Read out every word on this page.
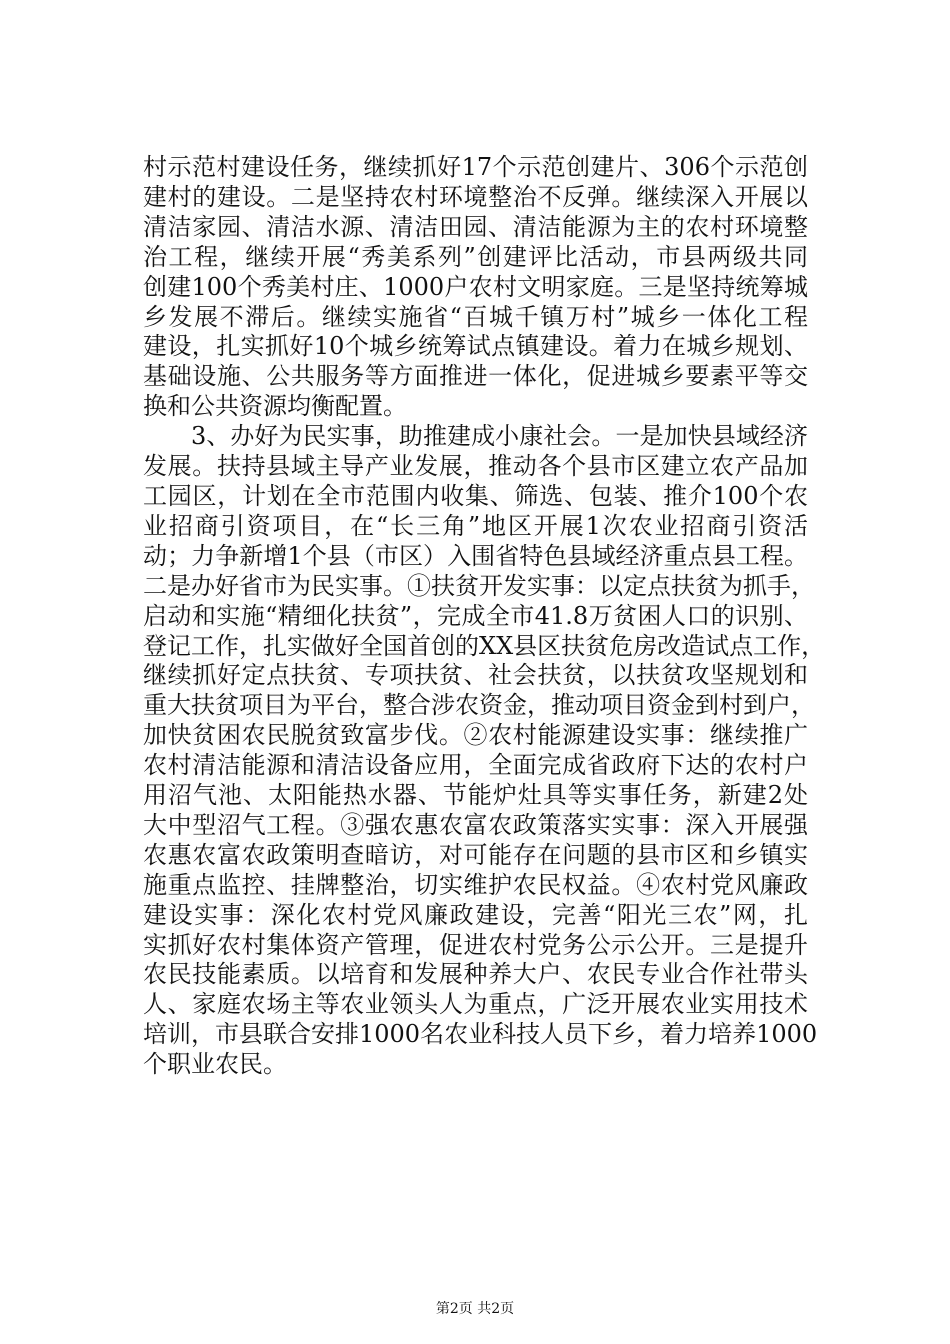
村示范村建设任务，继续抓好17个示范创建片、306个示范创
建村的建设。二是坚持农村环境整治不反弹。继续深入开展以
清洁家园、清洁水源、清洁田园、清洁能源为主的农村环境整
治工程，继续开展“秀美系列”创建评比活动，市县两级共同
创建100个秀美村庄、1000户农村文明家庭。三是坚持统筹城
乡发展不滞后。继续实施省“百城千镇万村”城乡一体化工程
建设，扎实抓好10个城乡统筹试点镇建设。着力在城乡规划、
基础设施、公共服务等方面推进一体化，促进城乡要素平等交
换和公共资源均衡配置。
3、办好为民实事，助推建成小康社会。一是加快县域经济
发展。扶持县域主导产业发展，推动各个县市区建立农产品加
工园区，计划在全市范围内收集、筛选、包装、推介100个农
业招商引资项目，在“长三角”地区开展1次农业招商引资活
动；力争新增1个县（市区）入围省特色县域经济重点县工程。
二是办好省市为民实事。①扶贫开发实事：以定点扶贫为抓手，
启动和实施“精细化扶贫”，完成全市41.8万贫困人口的识别、
登记工作，扎实做好全国首创的XX县区扶贫危房改造试点工作，
继续抓好定点扶贫、专项扶贫、社会扶贫，以扶贫攻坚规划和
重大扶贫项目为平台，整合涉农资金，推动项目资金到村到户，
加快贫困农民脱贫致富步伐。②农村能源建设实事：继续推广
农村清洁能源和清洁设备应用，全面完成省政府下达的农村户
用沼气池、太阳能热水器、节能炉灶具等实事任务，新建2处
大中型沼气工程。③强农惠农富农政策落实实事：深入开展强
农惠农富农政策明查暗访，对可能存在问题的县市区和乡镇实
施重点监控、挂牌整治，切实维护农民权益。④农村党风廉政
建设实事：深化农村党风廉政建设，完善“阳光三农”网，扎
实抓好农村集体资产管理，促进农村党务公示公开。三是提升
农民技能素质。以培育和发展种养大户、农民专业合作社带头
人、家庭农场主等农业领头人为重点，广泛开展农业实用技术
培训，市县联合安排1000名农业科技人员下乡，着力培养1000
个职业农民。
第2页 共2页
